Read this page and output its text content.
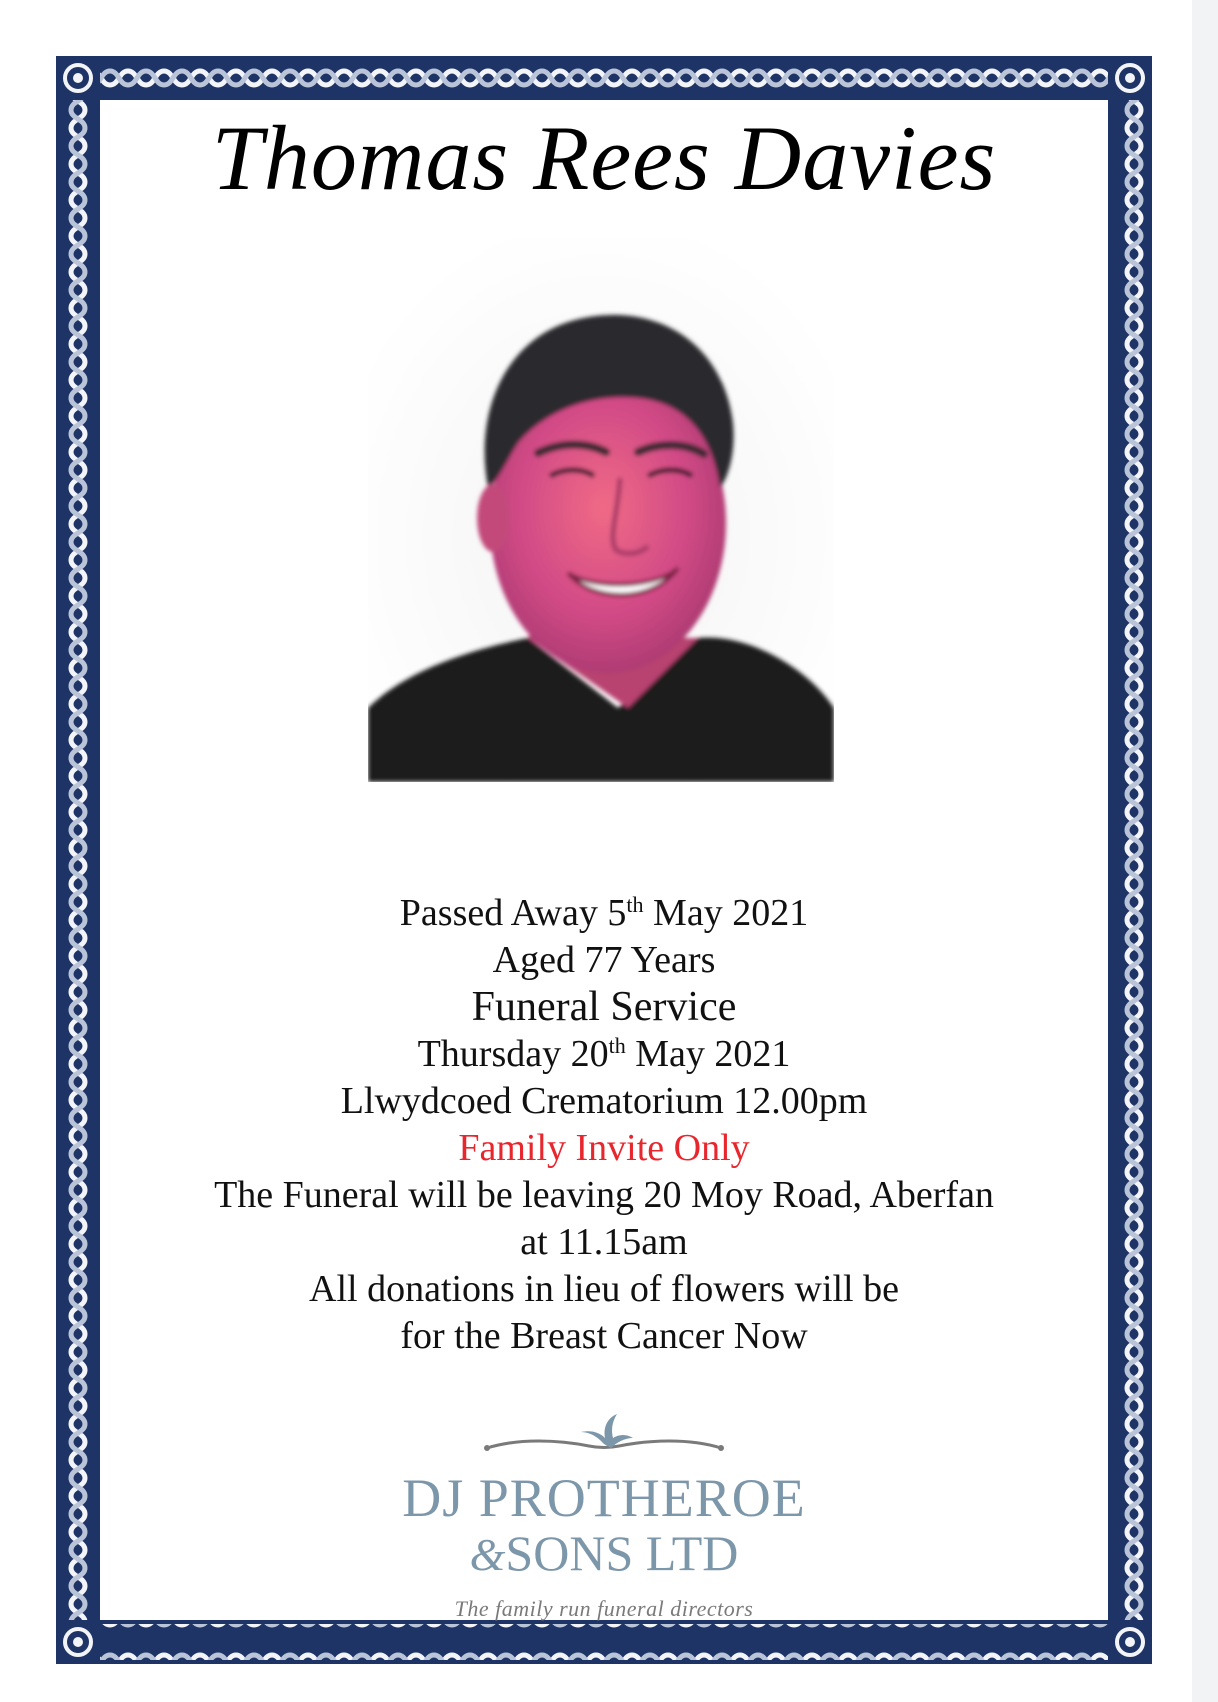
Thomas Rees Davies
Passed Away 5th May 2021
Aged 77 Years
Funeral Service
Thursday 20th May 2021
Llwydcoed Crematorium 12.00pm
Family Invite Only
The Funeral will be leaving 20 Moy Road, Aberfan
at 11.15am
All donations in lieu of flowers will be
for the Breast Cancer Now
DJ PROTHEROE
&SONS LTD
The family run funeral directors
